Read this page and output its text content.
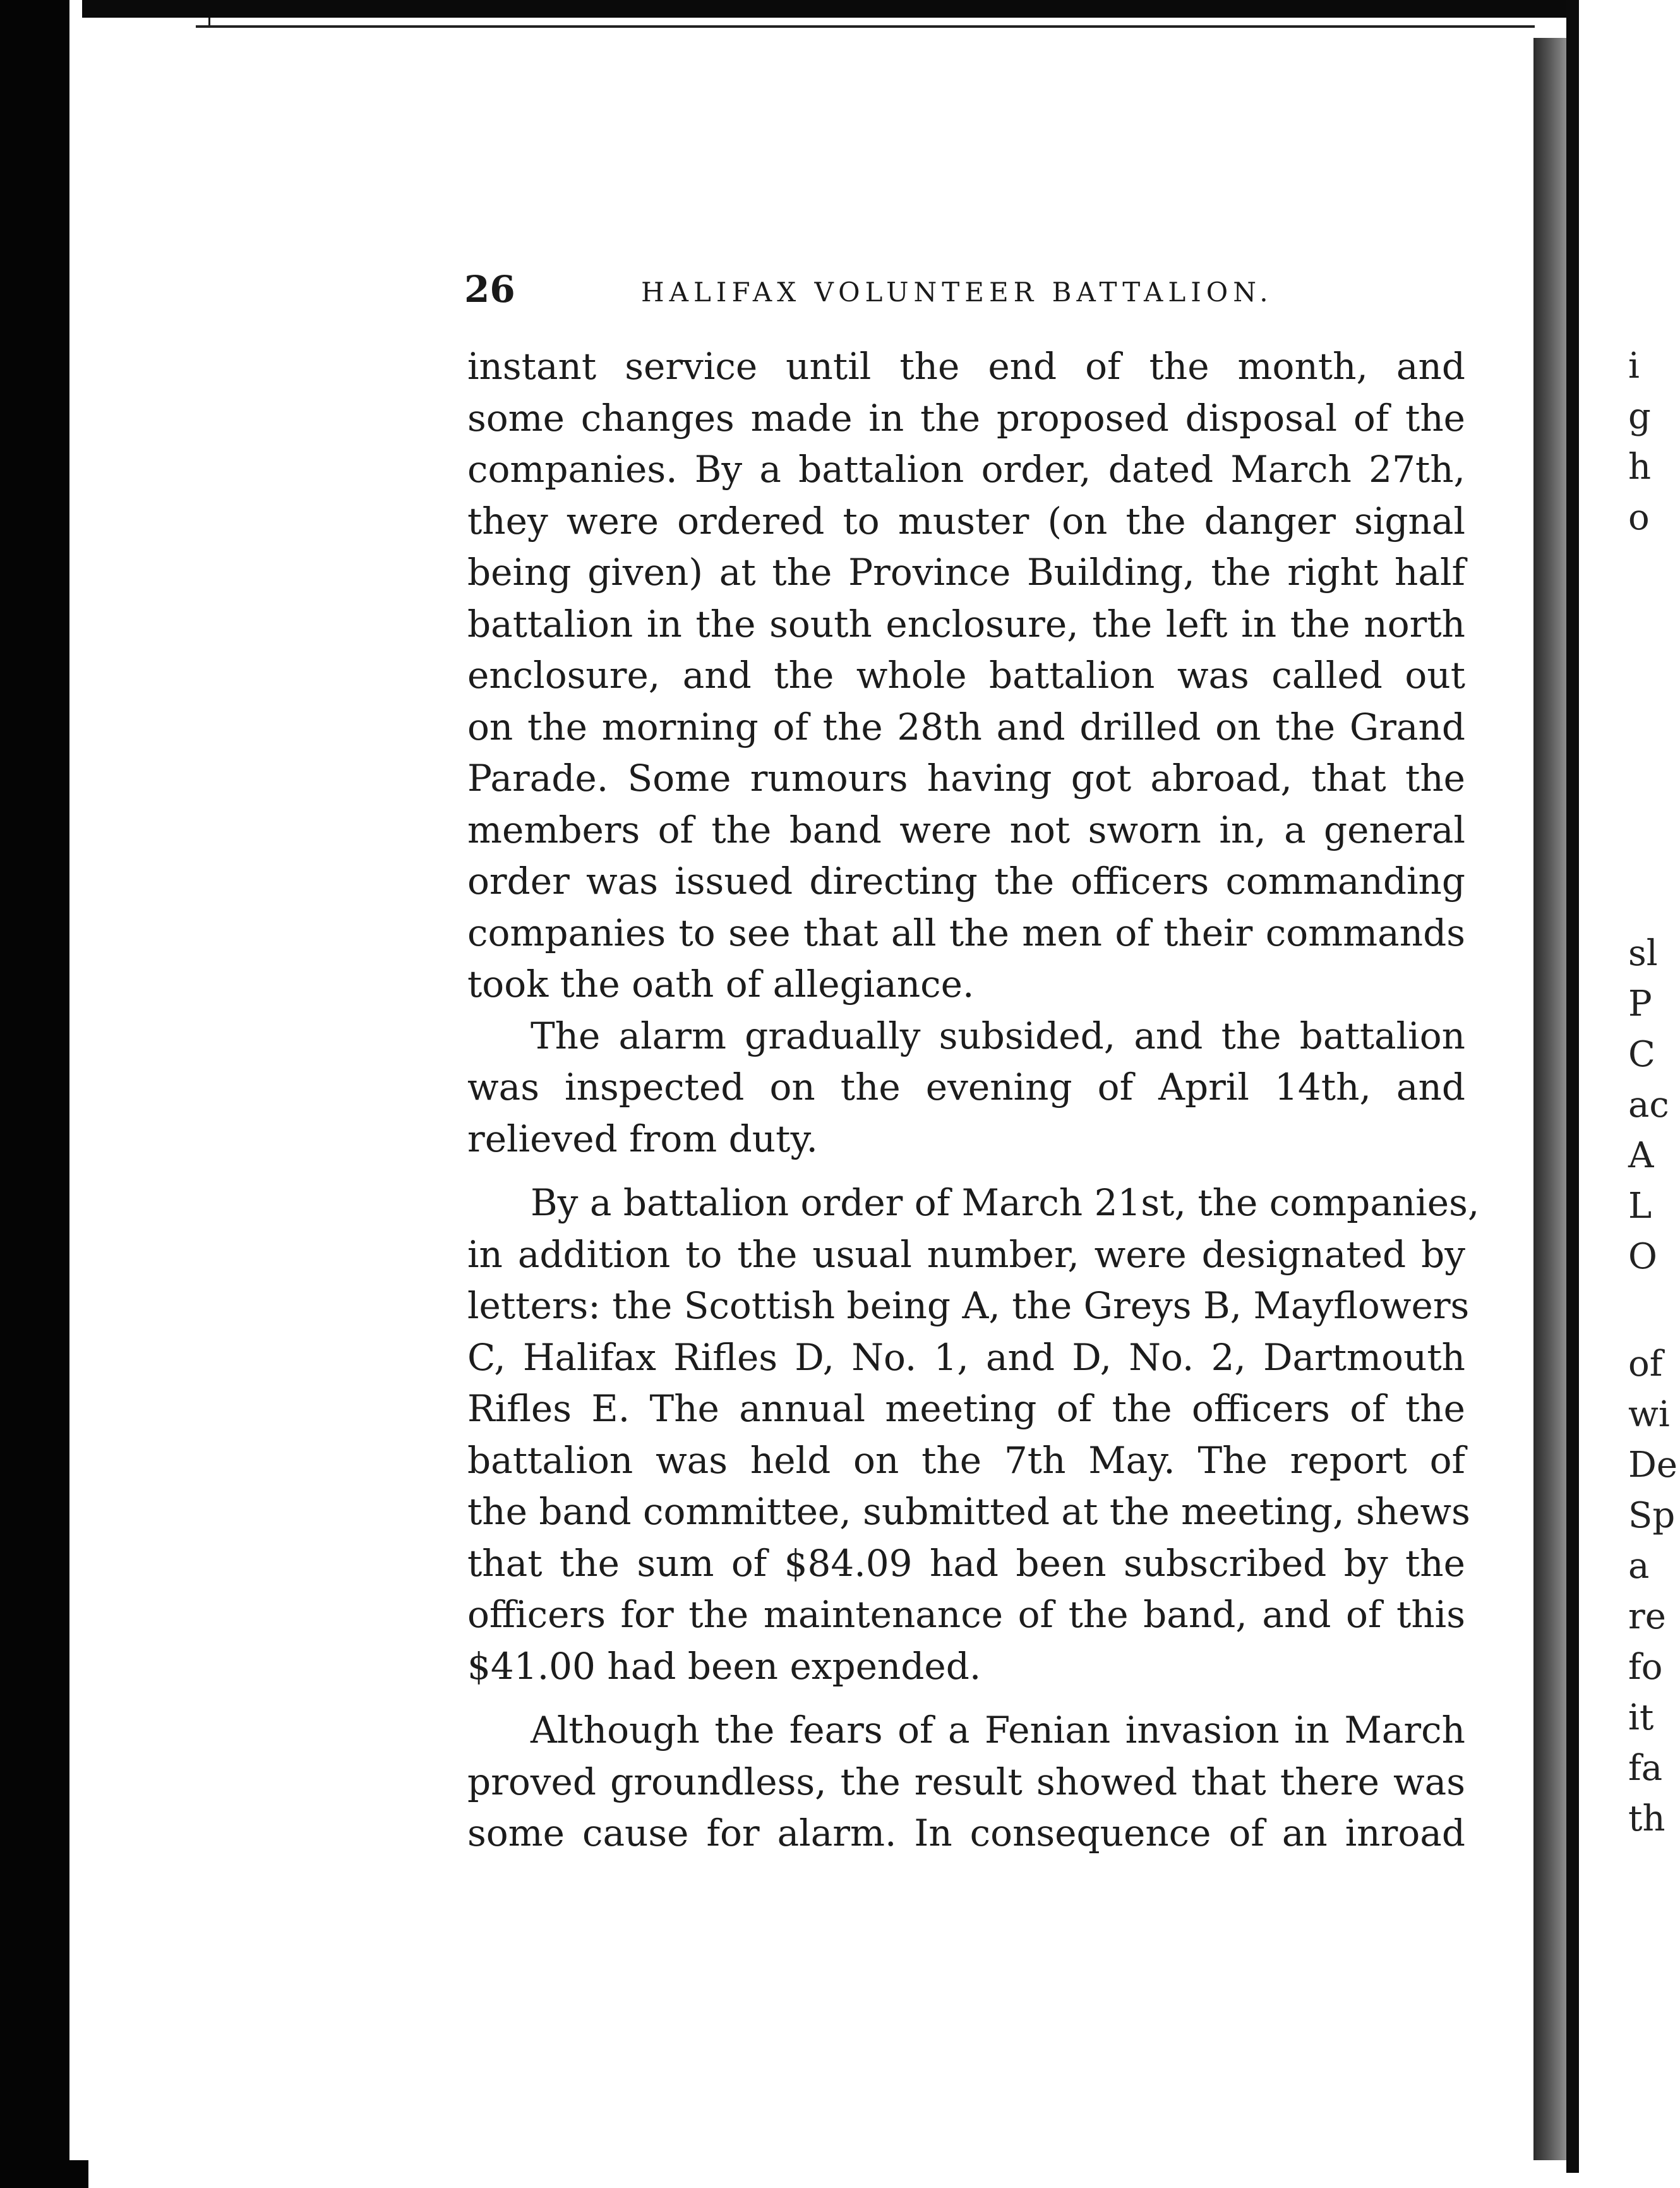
26	HALIFAX VOLUNTEER BATTALION.
instant service until the end of the month, and
some changes made in the proposed disposal of the
companies. By a battalion order, dated March 27th,
they were ordered to muster (on the danger signal
being given) at the Province Building, the right half
battalion in the south enclosure, the left in the north
enclosure, and the whole battalion was called out
on the morning of the 28th and drilled on the Grand
Parade. Some rumours having got abroad, that the
members of the band were not sworn in, a general
order was issued directing the officers commanding
companies to see that all the men of their commands
took the oath of allegiance.
The alarm gradually subsided, and the battalion
was inspected on the evening of April 14th, and
relieved from duty.
By a battalion order of March 21st, the companies,
in addition to the usual number, were designated by
letters: the Scottish being A, the Greys B, Mayflowers
C, Halifax Rifles D, No. 1, and D, No. 2, Dartmouth
Rifles E. The annual meeting of the officers of the
battalion was held on the 7th May. The report of
the band committee, submitted at the meeting, shews
that the sum of $84.09 had been subscribed by the
officers for the maintenance of the band, and of this
$41.00 had been expended.
Although the fears of a Fenian invasion in March
proved groundless, the result showed that there was
some cause for alarm. In consequence of an inroad
i
g
h
o
sl
P
C
ac
A
L
O
of
wi
De
Sp
a
re
fo
it
fa
th
